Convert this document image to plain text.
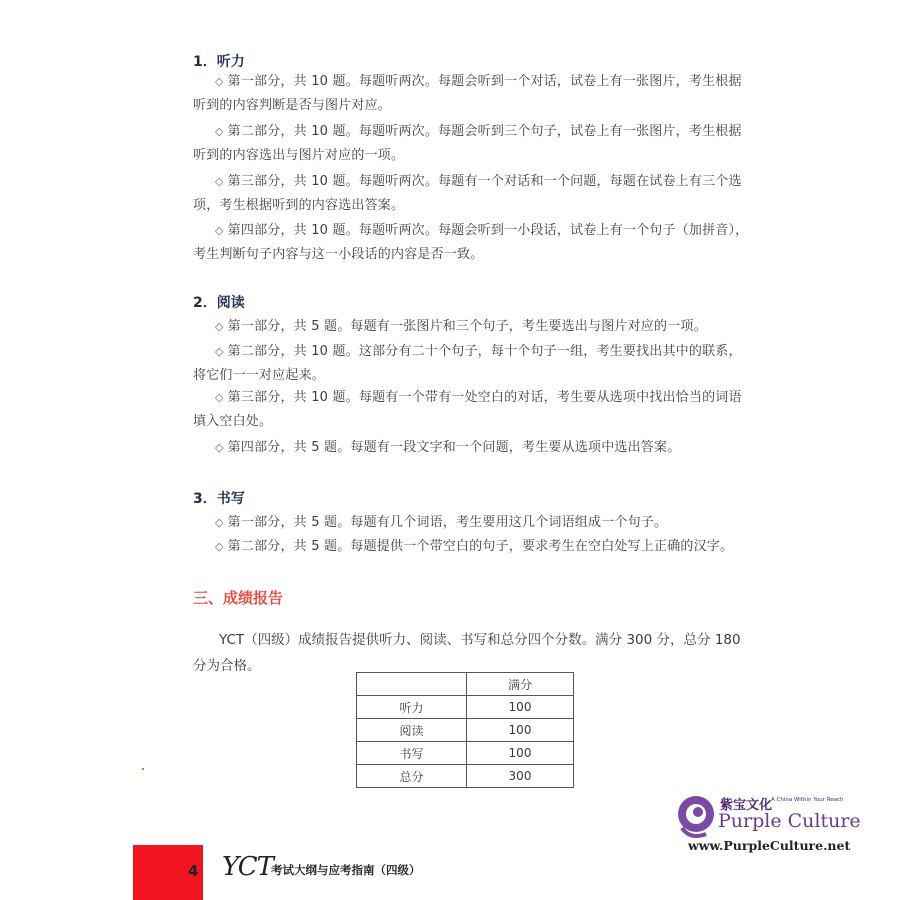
1．听力

◇ 第一部分，共 10 题。每题听两次。每题会听到一个对话，试卷上有一张图片，考生根据听到的内容判断是否与图片对应。

◇ 第二部分，共 10 题。每题听两次。每题会听到三个句子，试卷上有一张图片，考生根据听到的内容选出与图片对应的一项。

◇ 第三部分，共 10 题。每题听两次。每题有一个对话和一个问题，每题在试卷上有三个选项，考生根据听到的内容选出答案。

◇ 第四部分，共 10 题。每题听两次。每题会听到一小段话，试卷上有一个句子（加拼音），考生判断句子内容与这一小段话的内容是否一致。

2．阅读

◇ 第一部分，共 5 题。每题有一张图片和三个句子，考生要选出与图片对应的一项。

◇ 第二部分，共 10 题。这部分有二十个句子，每十个句子一组，考生要找出其中的联系，将它们一一对应起来。

◇ 第三部分，共 10 题。每题有一个带有一处空白的对话，考生要从选项中找出恰当的词语填入空白处。

◇ 第四部分，共 5 题。每题有一段文字和一个问题，考生要从选项中选出答案。

3．书写

◇ 第一部分，共 5 题。每题有几个词语，考生要用这几个词语组成一个句子。

◇ 第二部分，共 5 题。每题提供一个带空白的句子，要求考生在空白处写上正确的汉字。

三、成绩报告

YCT（四级）成绩报告提供听力、阅读、书写和总分四个分数。满分 300 分，总分 180 分为合格。

	满分
听力	100
阅读	100
书写	100
总分	300
紫宝文化
A China Within Your Reach
Purple Culture
www.PurpleCulture.net
4 YCT
考试大纲与应考指南（四级）
